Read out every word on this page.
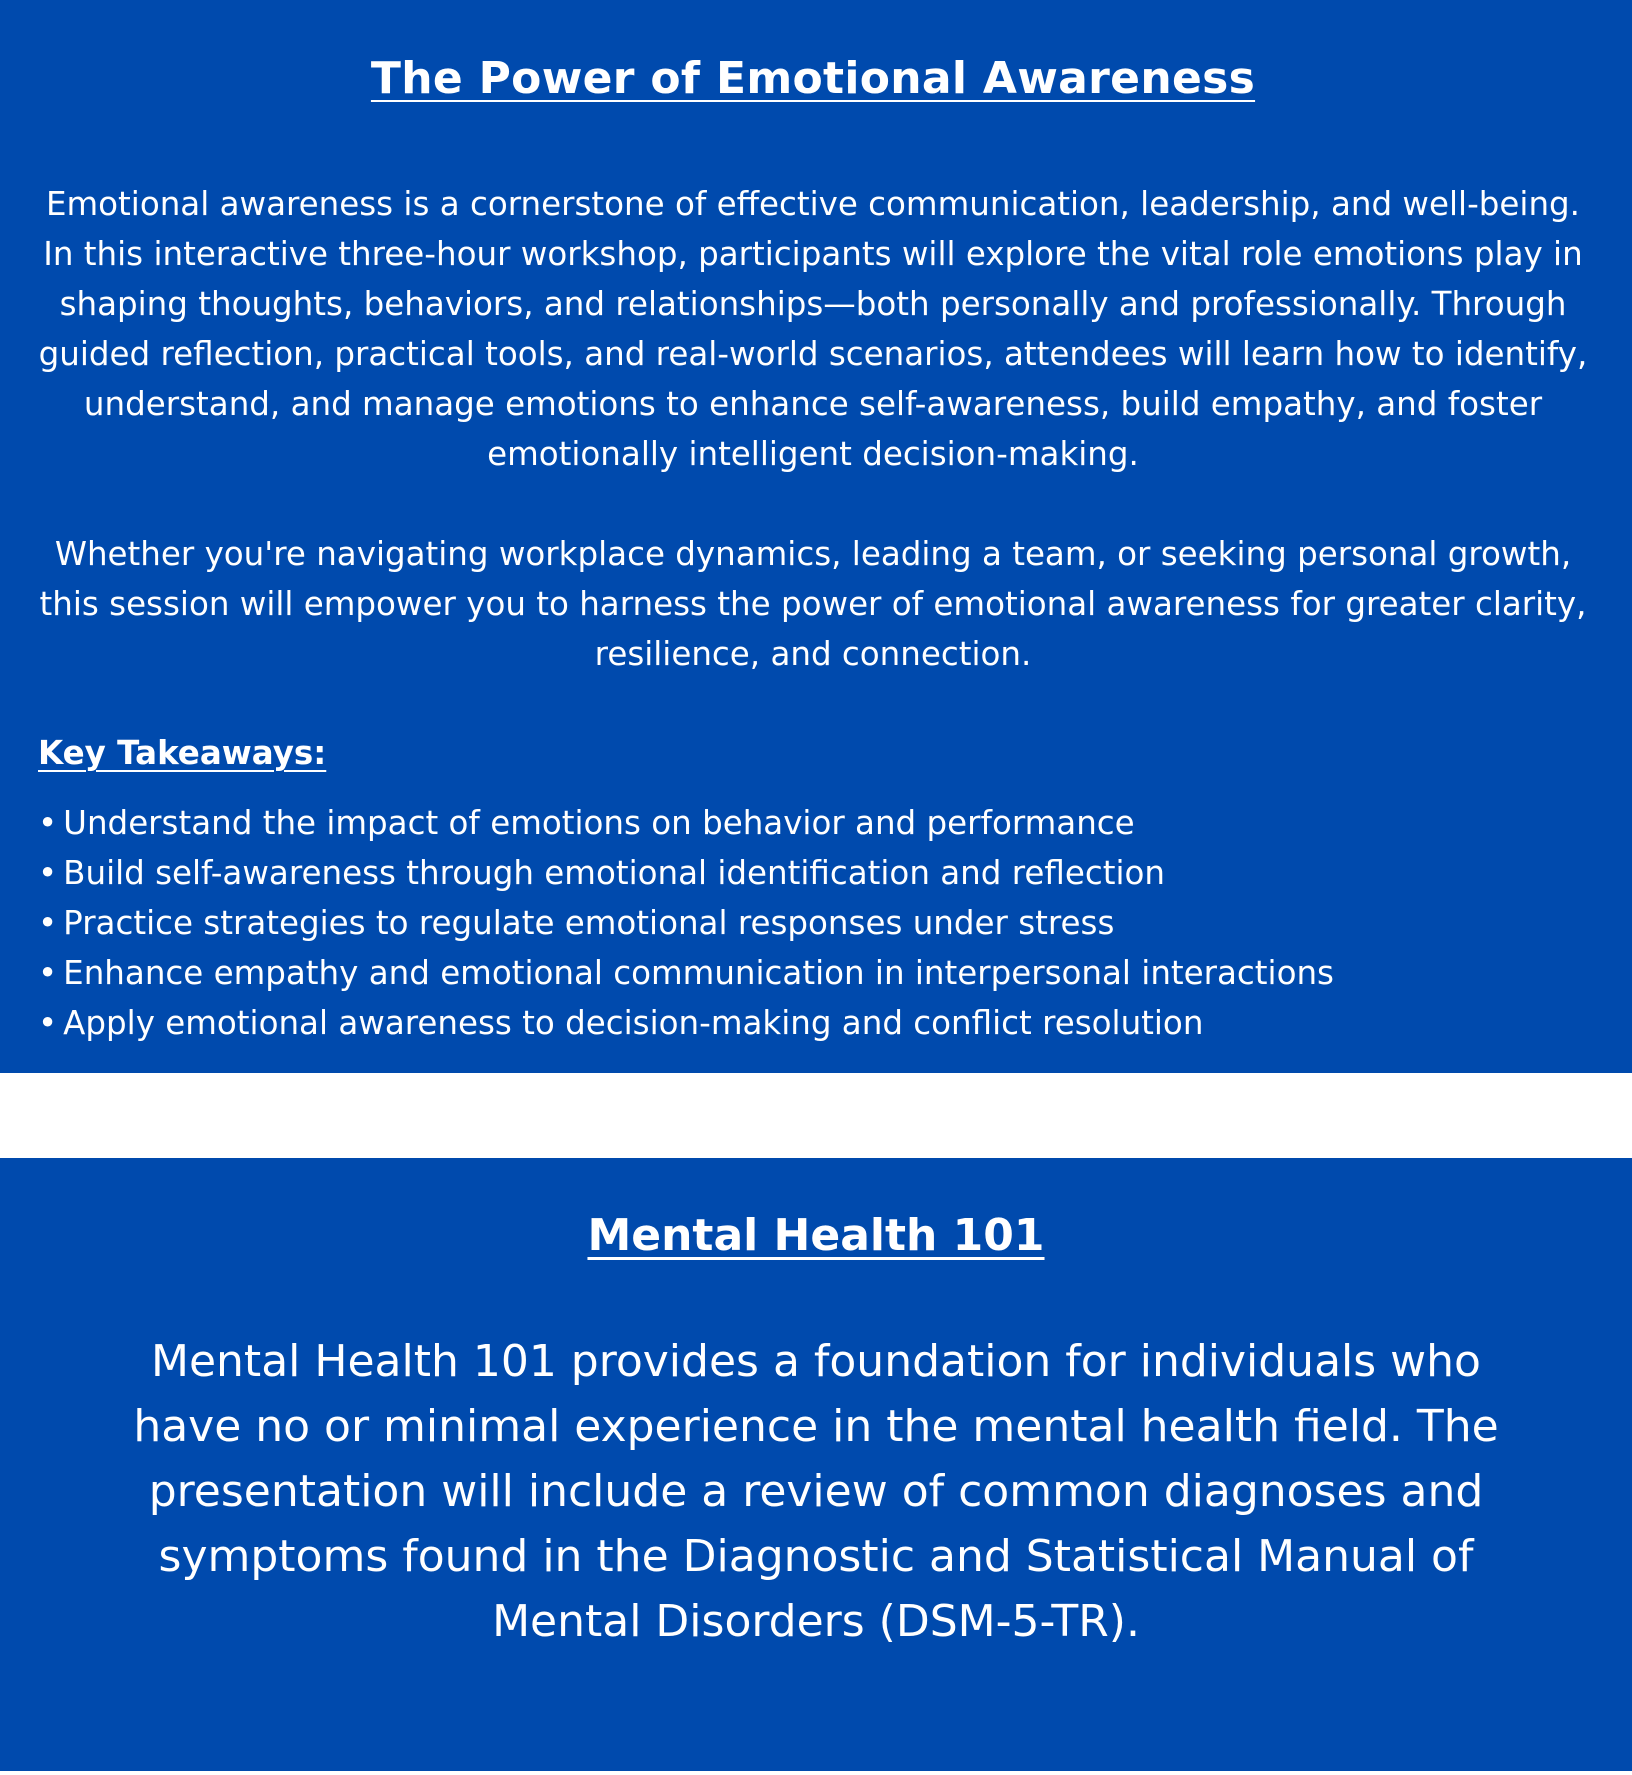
The Power of Emotional Awareness

Emotional awareness is a cornerstone of effective communication, leadership, and well-being. In this interactive three-hour workshop, participants will explore the vital role emotions play in shaping thoughts, behaviors, and relationships—both personally and professionally. Through guided reflection, practical tools, and real-world scenarios, attendees will learn how to identify, understand, and manage emotions to enhance self-awareness, build empathy, and foster emotionally intelligent decision-making.

Whether you're navigating workplace dynamics, leading a team, or seeking personal growth, this session will empower you to harness the power of emotional awareness for greater clarity, resilience, and connection.

Key Takeaways:
• Understand the impact of emotions on behavior and performance
• Build self-awareness through emotional identification and reflection
• Practice strategies to regulate emotional responses under stress
• Enhance empathy and emotional communication in interpersonal interactions
• Apply emotional awareness to decision-making and conflict resolution
Mental Health 101

Mental Health 101 provides a foundation for individuals who have no or minimal experience in the mental health field. The presentation will include a review of common diagnoses and symptoms found in the Diagnostic and Statistical Manual of Mental Disorders (DSM-5-TR).
